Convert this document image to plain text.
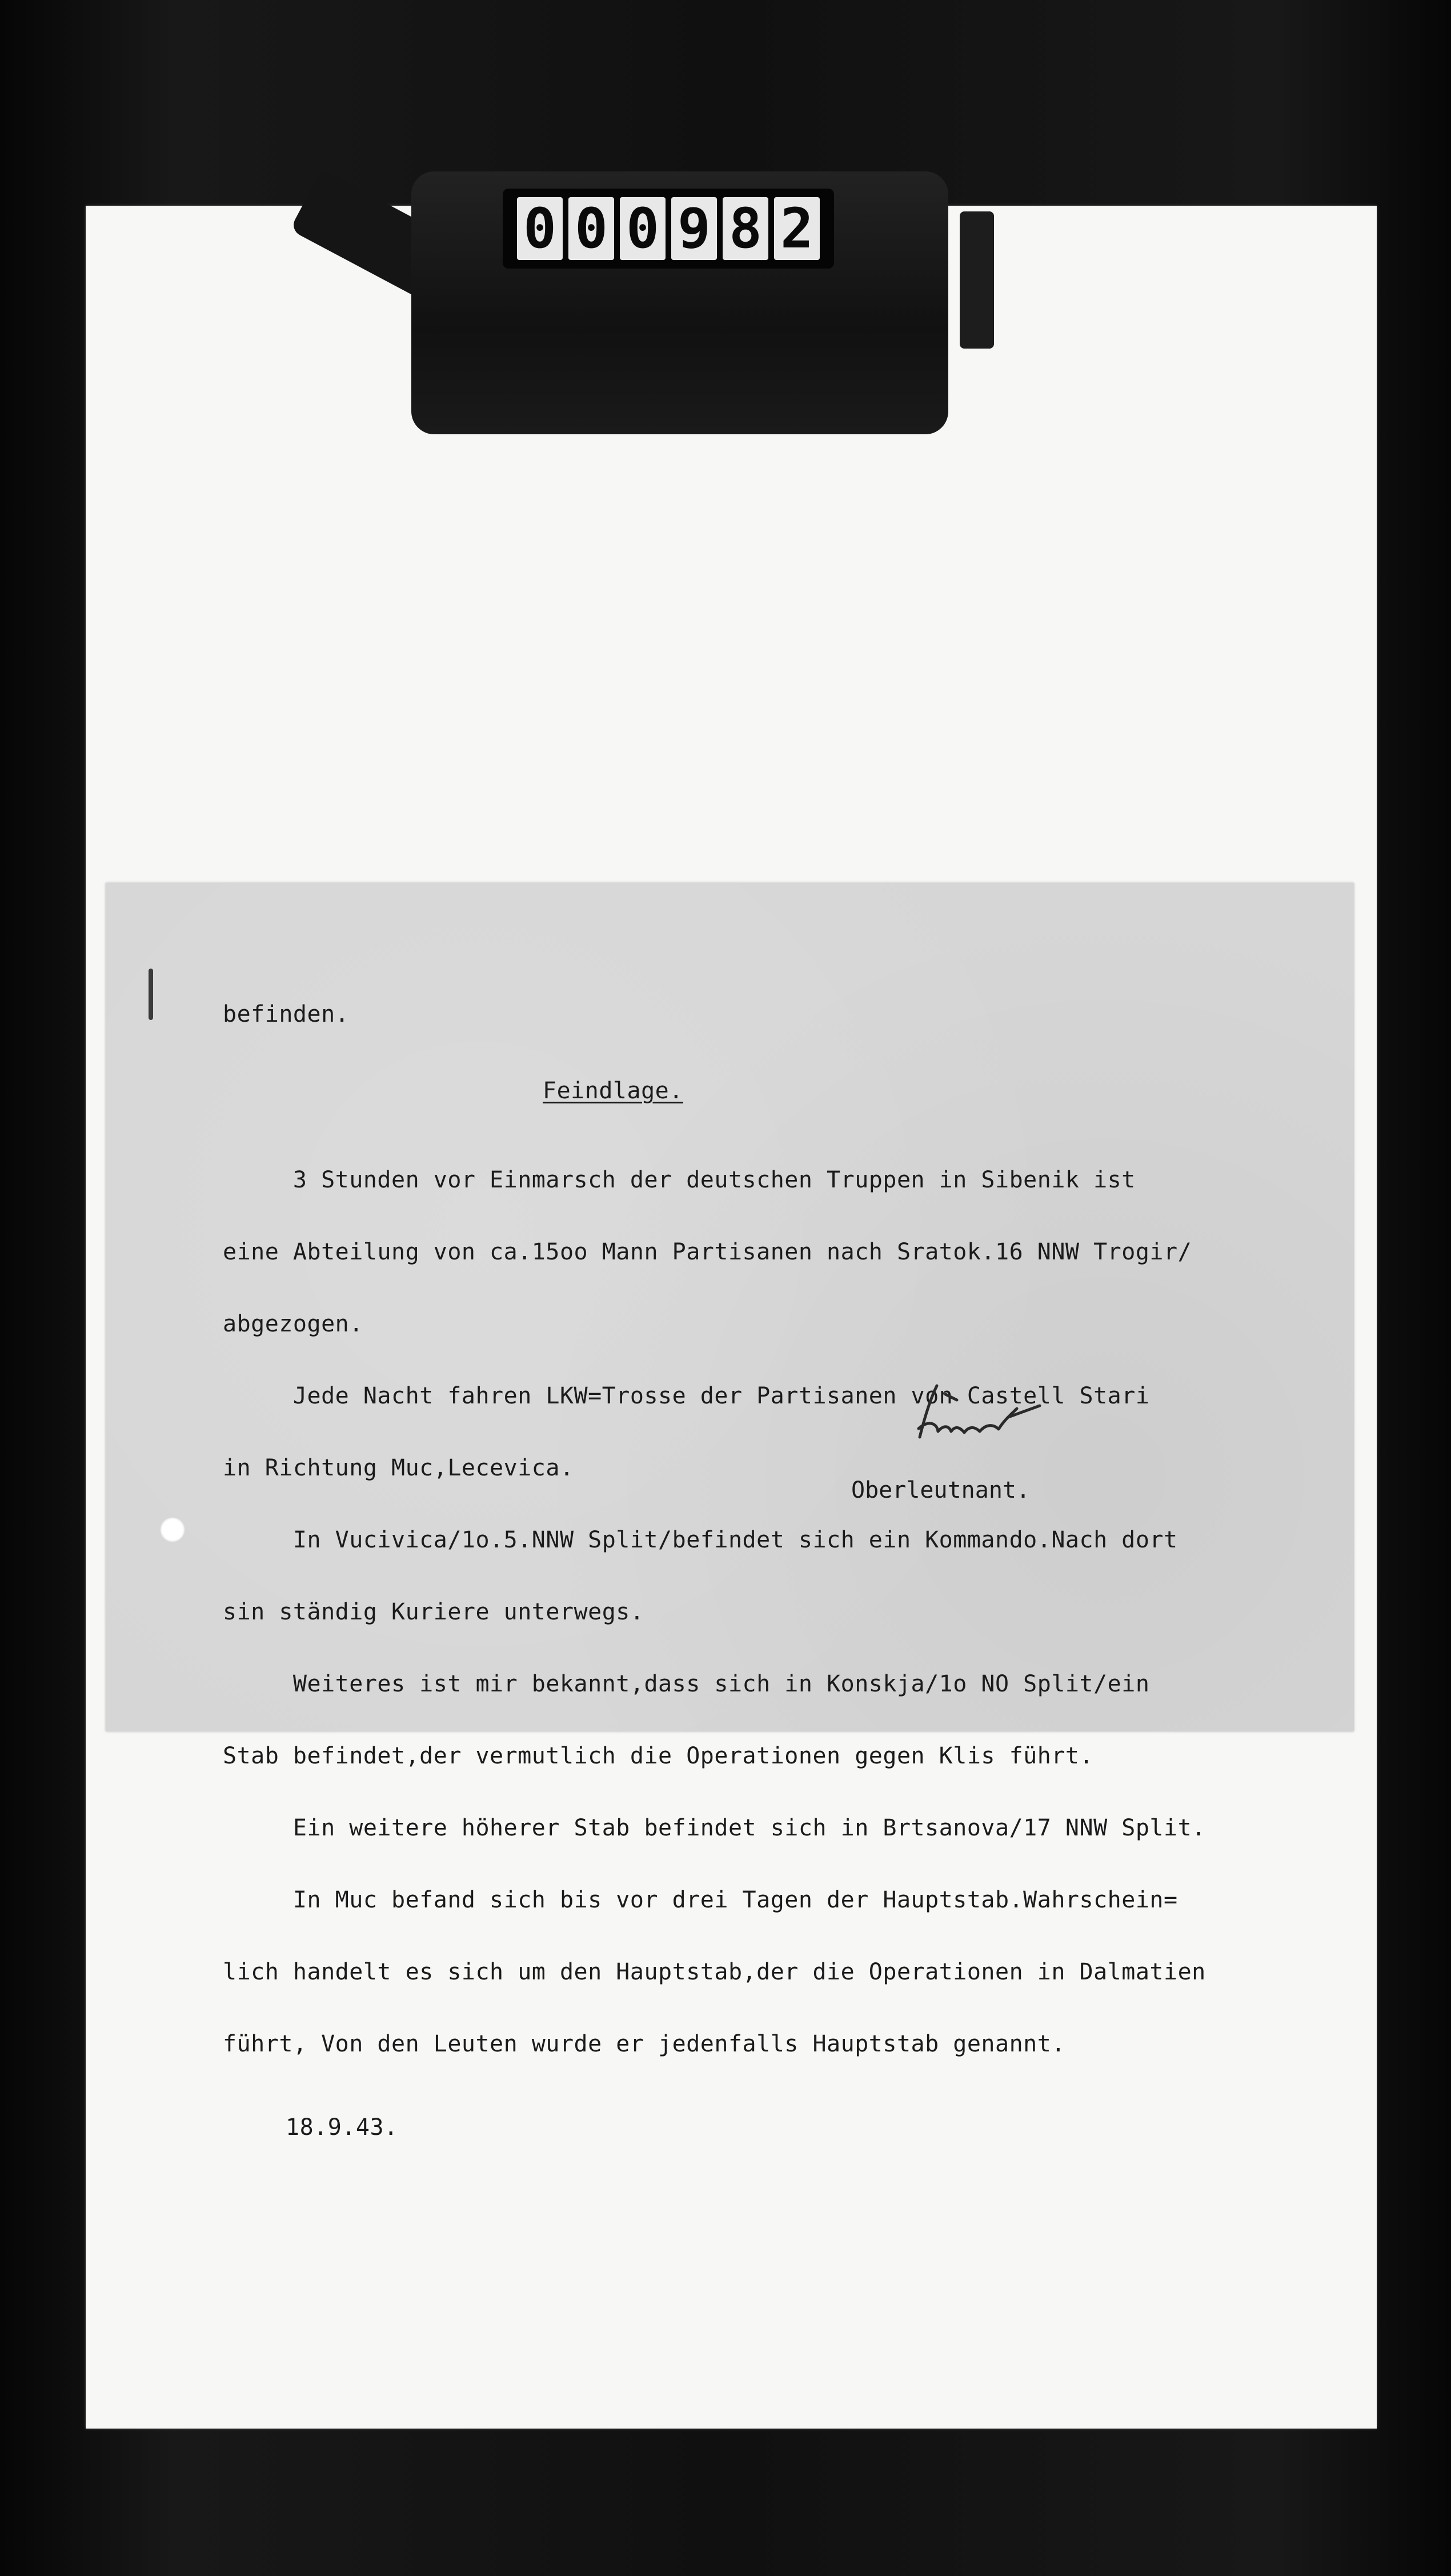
0 0 0 9 8 2

befinden.

Feindlage.

3 Stunden vor Einmarsch der deutschen Truppen in Sibenik ist

eine Abteilung von ca.15oo Mann Partisanen nach Sratok.16 NNW Trogir/

abgezogen.

Jede Nacht fahren LKW=Trosse der Partisanen von Castell Stari

in Richtung Muc,Lecevica.

In Vucivica/1o.5.NNW Split/befindet sich ein Kommando.Nach dort

sin ständig Kuriere unterwegs.

Weiteres ist mir bekannt,dass sich in Konskja/1o NO Split/ein

Stab befindet,der vermutlich die Operationen gegen Klis führt.

Ein weitere höherer Stab befindet sich in Brtsanova/17 NNW Split.

In Muc befand sich bis vor drei Tagen der Hauptstab.Wahrschein=

lich handelt es sich um den Hauptstab,der die Operationen in Dalmatien

führt, Von den Leuten wurde er jedenfalls Hauptstab genannt.

18.9.43.

Oberleutnant.
